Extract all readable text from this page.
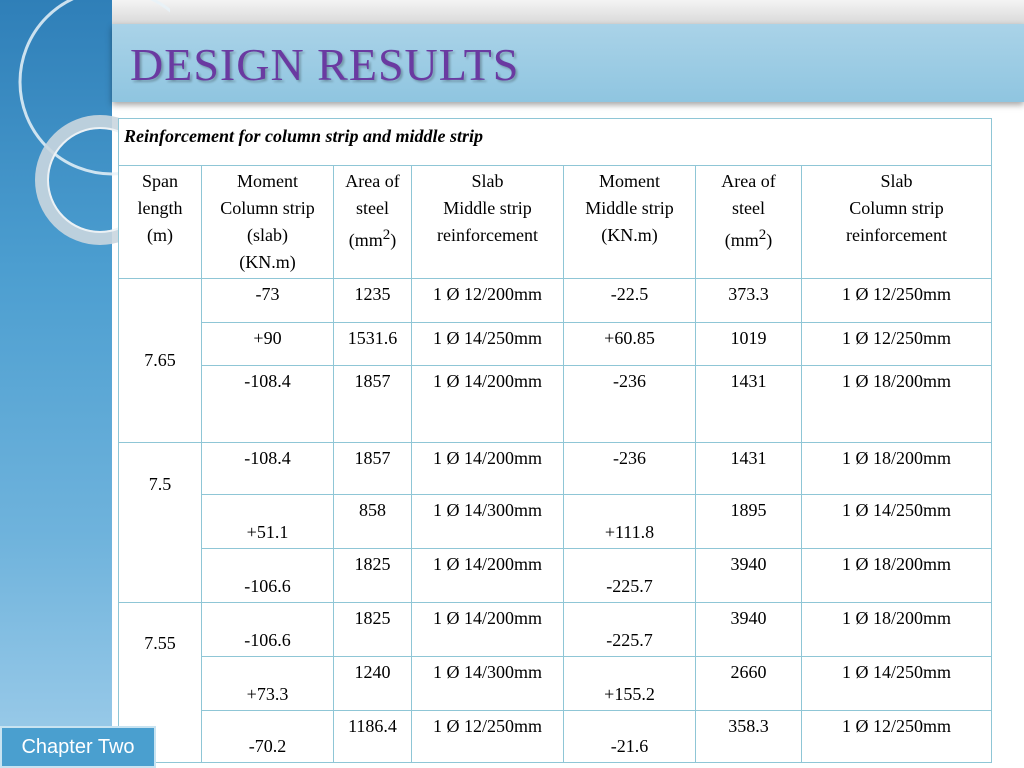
DESIGN RESULTS
Reinforcement for column strip and middle strip						
Span
length
(m)	Moment
Column strip
(slab)
(KN.m)	Area of
steel
$(mm^2)$	Slab
Middle strip
reinforcement	Moment
Middle strip
(KN.m)	Area of
steel
$(mm^2)$	Slab
Column strip
reinforcement
7.65	-73	1235	1 Ø 12/200mm	-22.5	373.3	1 Ø 12/250mm
	+90	1531.6	1 Ø 14/250mm	+60.85	1019	1 Ø 12/250mm
	-108.4	1857	1 Ø 14/200mm	-236	1431	1 Ø 18/200mm
7.5	-108.4	1857	1 Ø 14/200mm	-236	1431	1 Ø 18/200mm
	+51.1	858	1 Ø 14/300mm	+111.8	1895	1 Ø 14/250mm
	-106.6	1825	1 Ø 14/200mm	-225.7	3940	1 Ø 18/200mm
7.55	-106.6	1825	1 Ø 14/200mm	-225.7	3940	1 Ø 18/200mm
	+73.3	1240	1 Ø 14/300mm	+155.2	2660	1 Ø 14/250mm
	-70.2	1186.4	1 Ø 12/250mm	-21.6	358.3	1 Ø 12/250mm
Chapter Two
